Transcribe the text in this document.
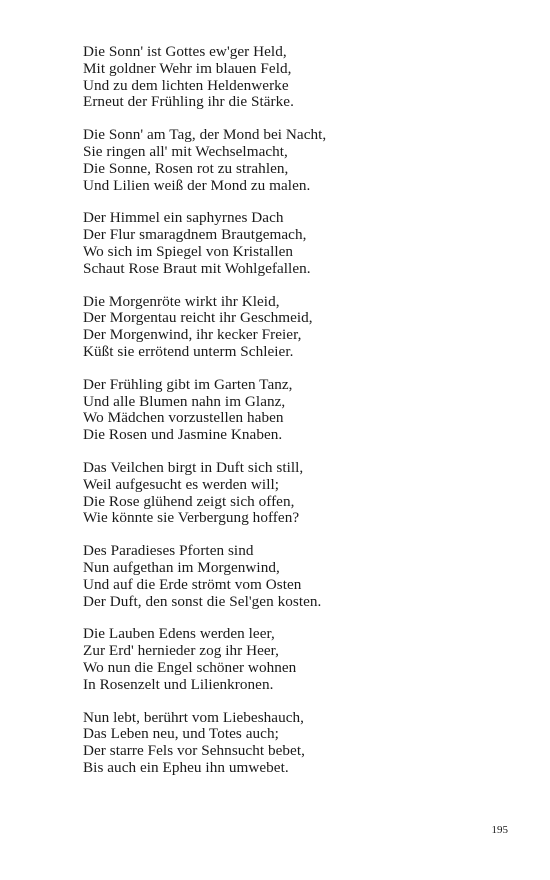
Die Sonn' ist Gottes ew'ger Held,
Mit goldner Wehr im blauen Feld,
Und zu dem lichten Heldenwerke
Erneut der Frühling ihr die Stärke.
Die Sonn' am Tag, der Mond bei Nacht,
Sie ringen all' mit Wechselmacht,
Die Sonne, Rosen rot zu strahlen,
Und Lilien weiß der Mond zu malen.
Der Himmel ein saphyrnes Dach
Der Flur smaragdnem Brautgemach,
Wo sich im Spiegel von Kristallen
Schaut Rose Braut mit Wohlgefallen.
Die Morgenröte wirkt ihr Kleid,
Der Morgentau reicht ihr Geschmeid,
Der Morgenwind, ihr kecker Freier,
Küßt sie errötend unterm Schleier.
Der Frühling gibt im Garten Tanz,
Und alle Blumen nahn im Glanz,
Wo Mädchen vorzustellen haben
Die Rosen und Jasmine Knaben.
Das Veilchen birgt in Duft sich still,
Weil aufgesucht es werden will;
Die Rose glühend zeigt sich offen,
Wie könnte sie Verbergung hoffen?
Des Paradieses Pforten sind
Nun aufgethan im Morgenwind,
Und auf die Erde strömt vom Osten
Der Duft, den sonst die Sel'gen kosten.
Die Lauben Edens werden leer,
Zur Erd' hernieder zog ihr Heer,
Wo nun die Engel schöner wohnen
In Rosenzelt und Lilienkronen.
Nun lebt, berührt vom Liebeshauch,
Das Leben neu, und Totes auch;
Der starre Fels vor Sehnsucht bebet,
Bis auch ein Epheu ihn umwebet.
195
